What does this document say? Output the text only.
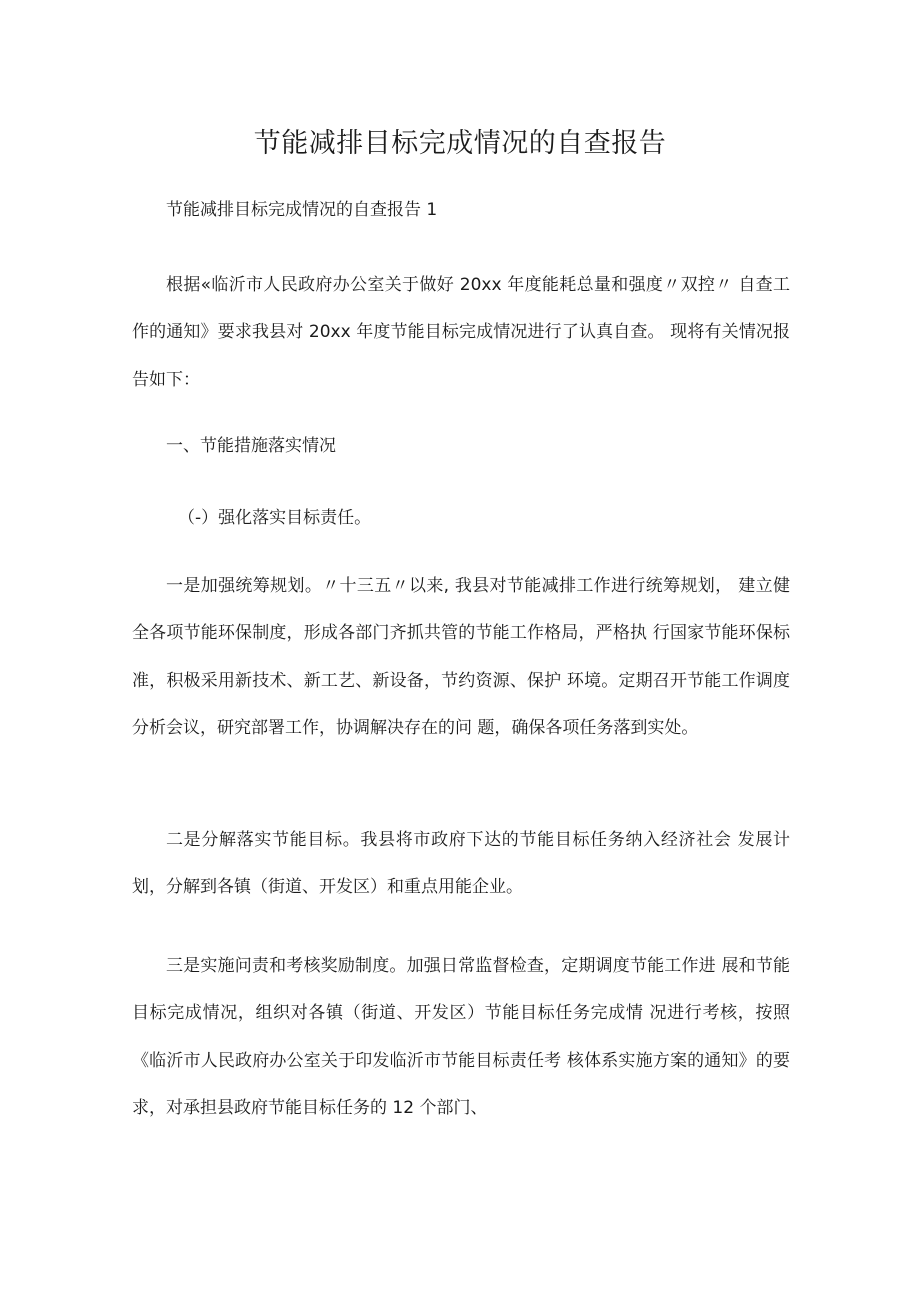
节能减排目标完成情况的自查报告

节能减排目标完成情况的自查报告 1

根据«临沂市人民政府办公室关于做好 20xx 年度能耗总量和强度〃双控〃 自查工作的通知》要求我县对 20xx 年度节能目标完成情况进行了认真自查。 现将有关情况报告如下：

一、节能措施落实情况

（-）强化落实目标责任。

一是加强统筹规划。〃十三五〃以来, 我县对节能减排工作进行统筹规划， 建立健全各项节能环保制度，形成各部门齐抓共管的节能工作格局，严格执 行国家节能环保标准，积极采用新技术、新工艺、新设备，节约资源、保护 环境。定期召开节能工作调度分析会议，研究部署工作，协调解决存在的问 题，确保各项任务落到实处。

二是分解落实节能目标。我县将市政府下达的节能目标任务纳入经济社会 发展计划，分解到各镇（街道、开发区）和重点用能企业。

三是实施问责和考核奖励制度。加强日常监督检查，定期调度节能工作进 展和节能目标完成情况，组织对各镇（街道、开发区）节能目标任务完成情 况进行考核，按照《临沂市人民政府办公室关于印发临沂市节能目标责任考 核体系实施方案的通知》的要求，对承担县政府节能目标任务的 12 个部门、
